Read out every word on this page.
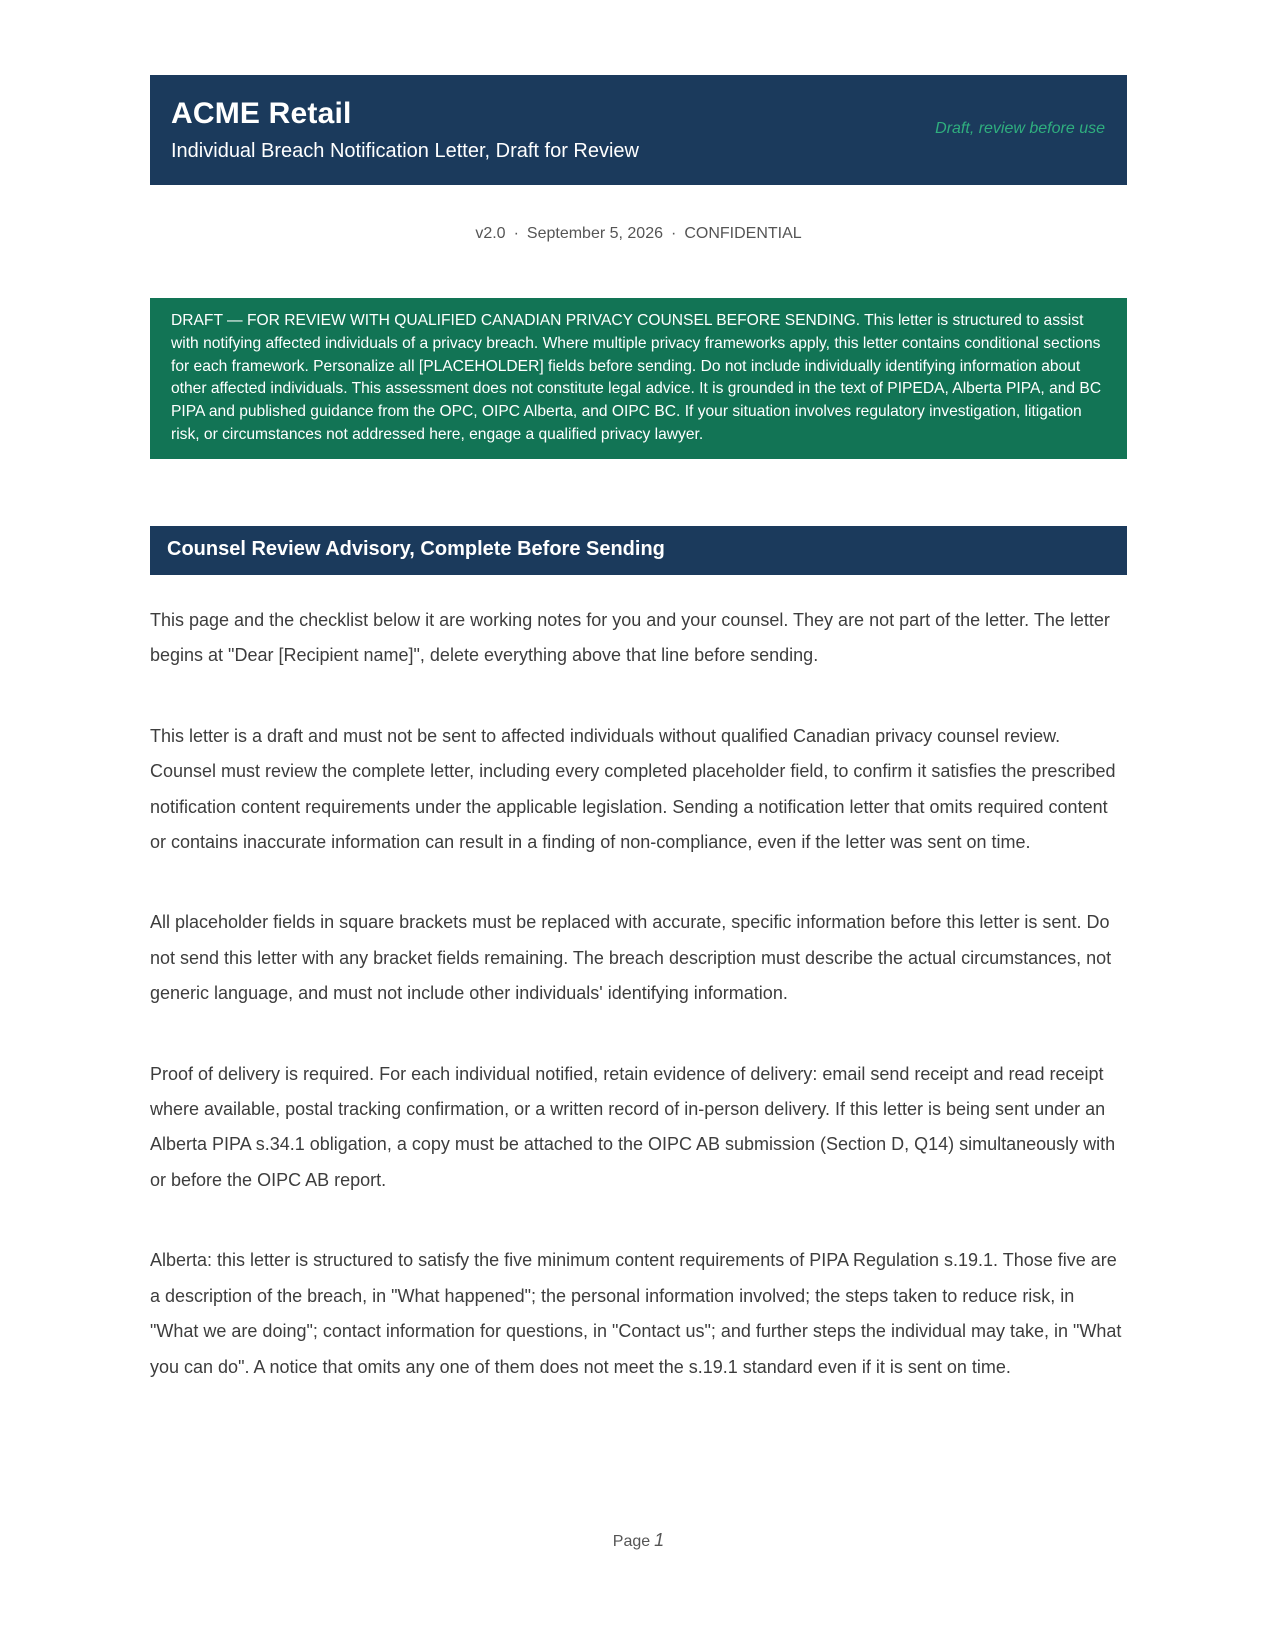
ACME Retail
Individual Breach Notification Letter, Draft for Review
Draft, review before use
v2.0 · September 5, 2026 · CONFIDENTIAL
DRAFT — FOR REVIEW WITH QUALIFIED CANADIAN PRIVACY COUNSEL BEFORE SENDING. This letter is structured to assist with notifying affected individuals of a privacy breach. Where multiple privacy frameworks apply, this letter contains conditional sections for each framework. Personalize all [PLACEHOLDER] fields before sending. Do not include individually identifying information about other affected individuals. This assessment does not constitute legal advice. It is grounded in the text of PIPEDA, Alberta PIPA, and BC PIPA and published guidance from the OPC, OIPC Alberta, and OIPC BC. If your situation involves regulatory investigation, litigation risk, or circumstances not addressed here, engage a qualified privacy lawyer.
Counsel Review Advisory, Complete Before Sending

This page and the checklist below it are working notes for you and your counsel. They are not part of the letter. The letter begins at "Dear [Recipient name]", delete everything above that line before sending.

This letter is a draft and must not be sent to affected individuals without qualified Canadian privacy counsel review. Counsel must review the complete letter, including every completed placeholder field, to confirm it satisfies the prescribed notification content requirements under the applicable legislation. Sending a notification letter that omits required content or contains inaccurate information can result in a finding of non-compliance, even if the letter was sent on time.

All placeholder fields in square brackets must be replaced with accurate, specific information before this letter is sent. Do not send this letter with any bracket fields remaining. The breach description must describe the actual circumstances, not generic language, and must not include other individuals' identifying information.

Proof of delivery is required. For each individual notified, retain evidence of delivery: email send receipt and read receipt where available, postal tracking confirmation, or a written record of in-person delivery. If this letter is being sent under an Alberta PIPA s.34.1 obligation, a copy must be attached to the OIPC AB submission (Section D, Q14) simultaneously with or before the OIPC AB report.

Alberta: this letter is structured to satisfy the five minimum content requirements of PIPA Regulation s.19.1. Those five are a description of the breach, in "What happened"; the personal information involved; the steps taken to reduce risk, in "What we are doing"; contact information for questions, in "Contact us"; and further steps the individual may take, in "What you can do". A notice that omits any one of them does not meet the s.19.1 standard even if it is sent on time.

Page 1
